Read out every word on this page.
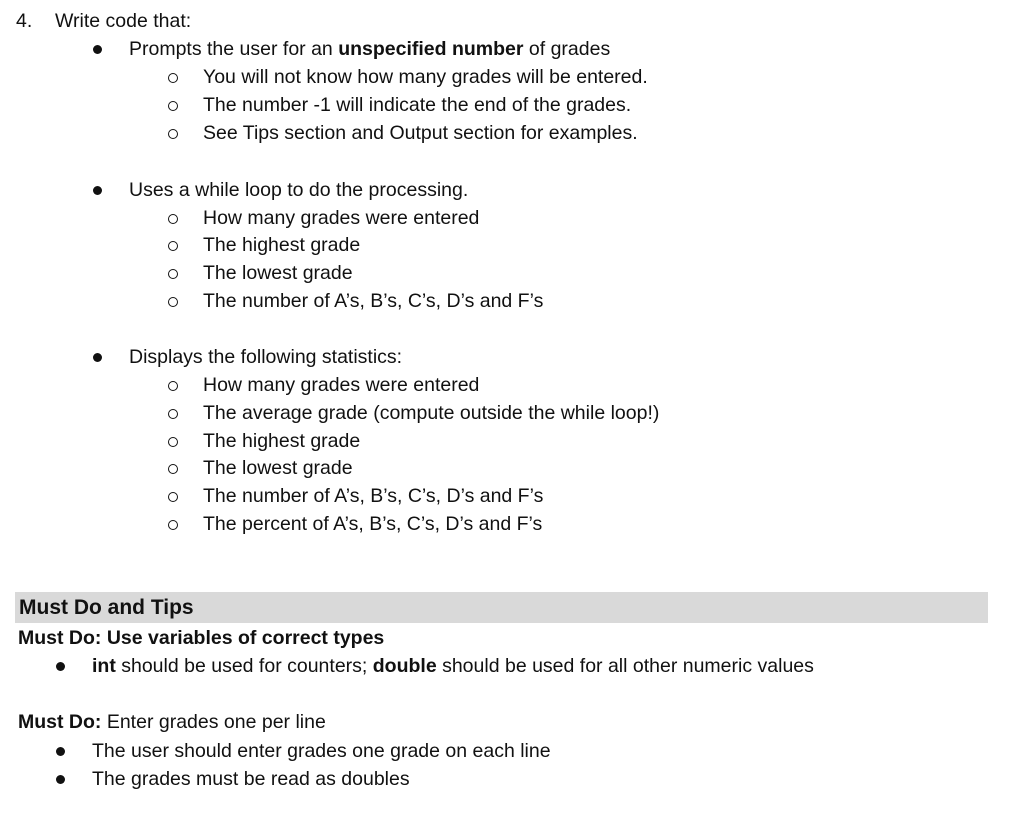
4. Write code that:
Prompts the user for an unspecified number of grades
You will not know how many grades will be entered.
The number -1 will indicate the end of the grades.
See Tips section and Output section for examples.
Uses a while loop to do the processing.
How many grades were entered
The highest grade
The lowest grade
The number of A’s, B’s, C’s, D’s and F’s
Displays the following statistics:
How many grades were entered
The average grade (compute outside the while loop!)
The highest grade
The lowest grade
The number of A’s, B’s, C’s, D’s and F’s
The percent of A’s, B’s, C’s, D’s and F’s
Must Do and Tips
Must Do: Use variables of correct types
int should be used for counters; double should be used for all other numeric values
Must Do: Enter grades one per line
The user should enter grades one grade on each line
The grades must be read as doubles
